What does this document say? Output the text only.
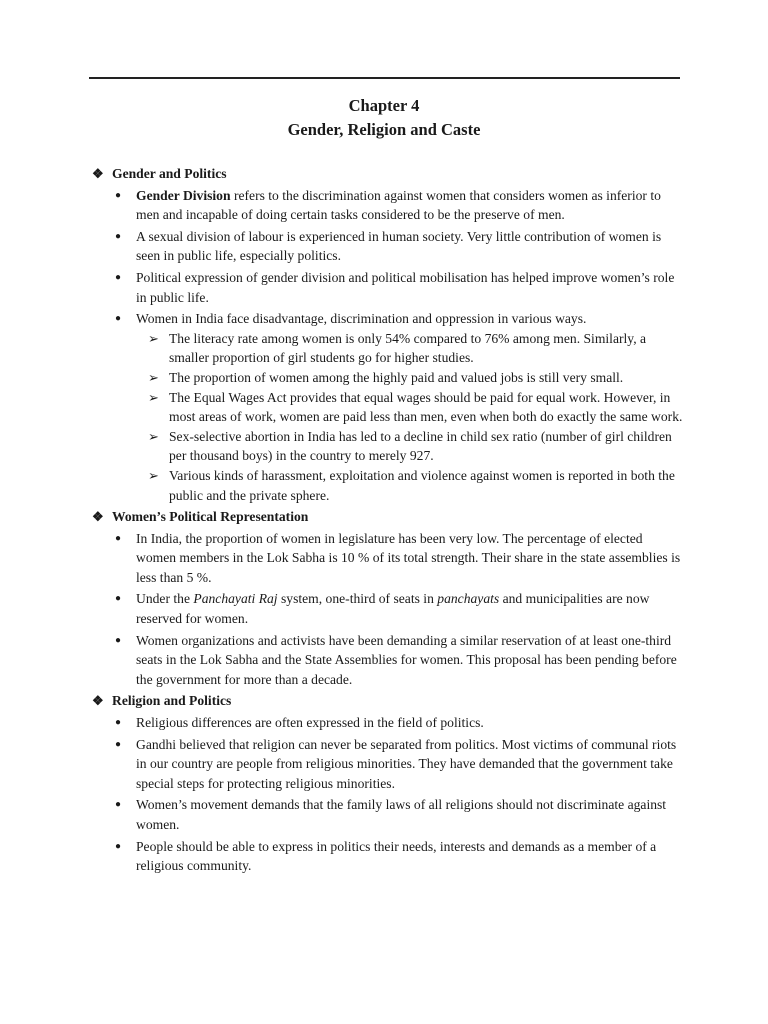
Chapter 4
Gender, Religion and Caste
❖ Gender and Politics
● Gender Division refers to the discrimination against women that considers women as inferior to men and incapable of doing certain tasks considered to be the preserve of men.
● A sexual division of labour is experienced in human society. Very little contribution of women is seen in public life, especially politics.
● Political expression of gender division and political mobilisation has helped improve women’s role in public life.
● Women in India face disadvantage, discrimination and oppression in various ways.
➢ The literacy rate among women is only 54% compared to 76% among men. Similarly, a smaller proportion of girl students go for higher studies.
➢ The proportion of women among the highly paid and valued jobs is still very small.
➢ The Equal Wages Act provides that equal wages should be paid for equal work. However, in most areas of work, women are paid less than men, even when both do exactly the same work.
➢ Sex-selective abortion in India has led to a decline in child sex ratio (number of girl children per thousand boys) in the country to merely 927.
➢ Various kinds of harassment, exploitation and violence against women is reported in both the public and the private sphere.
❖ Women’s Political Representation
● In India, the proportion of women in legislature has been very low. The percentage of elected women members in the Lok Sabha is 10 % of its total strength. Their share in the state assemblies is less than 5 %.
● Under the Panchayati Raj system, one-third of seats in panchayats and municipalities are now reserved for women.
● Women organizations and activists have been demanding a similar reservation of at least one-third seats in the Lok Sabha and the State Assemblies for women. This proposal has been pending before the government for more than a decade.
❖ Religion and Politics
● Religious differences are often expressed in the field of politics.
● Gandhi believed that religion can never be separated from politics. Most victims of communal riots in our country are people from religious minorities. They have demanded that the government take special steps for protecting religious minorities.
● Women’s movement demands that the family laws of all religions should not discriminate against women.
● People should be able to express in politics their needs, interests and demands as a member of a religious community.
